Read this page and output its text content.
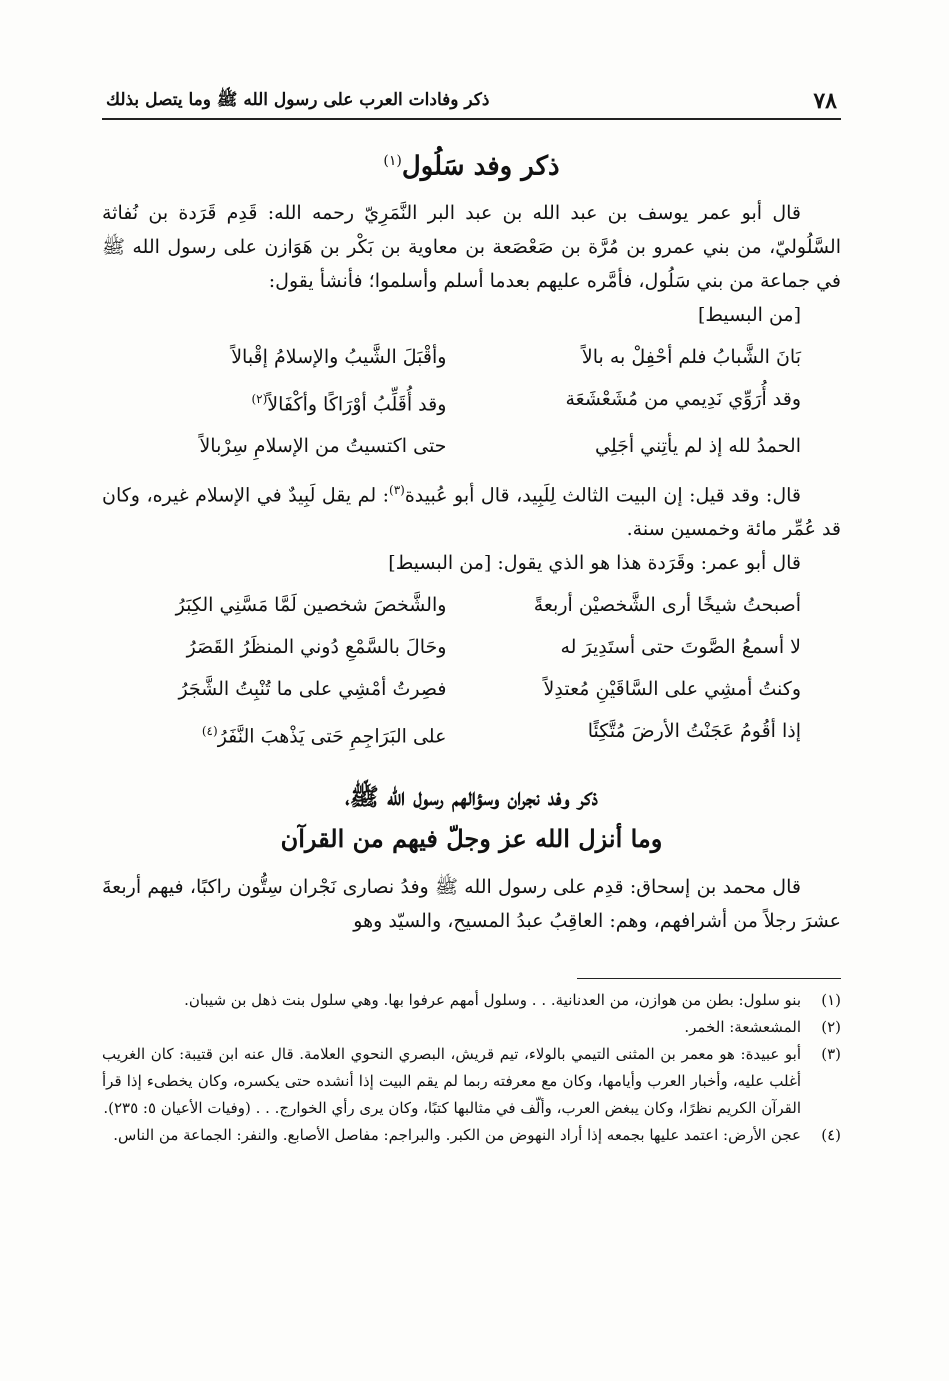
٧٨
ذكر وفادات العرب على رسول الله ﷺ وما يتصل بذلك
ذكر وفد سَلُول$^{(١)}$

قال أبو عمر يوسف بن عبد الله بن عبد البر النَّمَرِيّ رحمه الله: قَدِم قَرَدة بن نُفاثة السَّلُوليّ، من بني عمرو بن مُرَّة بن صَعْصَعة بن معاوية بن بَكْر بن هَوَازن على رسول الله ﷺ في جماعة من بني سَلُول، فأمَّره عليهم بعدما أسلم وأسلموا؛ فأنشأ يقول:

[من البسيط]

بَانَ الشَّبابُ فلم أحْفِلْ به بالاً
وأقْبَلَ الشَّيبُ والإسلامُ إقْبالاً
وقد أُرَوِّي نَدِيمي من مُشَعْشَعَة
وقد أُقَلِّبُ أوْرَاكًا وأكْفَالاً$^{(٢)}$
الحمدُ لله إذ لم يأتِني أجَلِي
حتى اكتسيتُ من الإسلامِ سِرْبالاً

قال: وقد قيل: إن البيت الثالث لِلَبِيد، قال أبو عُبيدة$^{(٣)}$: لم يقل لَبِيدٌ في الإسلام غيره، وكان قد عُمِّر مائة وخمسين سنة.

قال أبو عمر: وقَرَدة هذا هو الذي يقول: [من البسيط]

أصبحتُ شيخًا أرى الشَّخصيْن أربعةً
والشَّخصَ شخصين لَمَّا مَسَّنِي الكِبَرُ
لا أسمعُ الصَّوتَ حتى أستَدِيرَ له
وحَالَ بالسَّمْعِ دُوني المنظَرُ القَصَرُ
وكنتُ أمشِي على السَّاقَيْنِ مُعتدِلاً
فصِرتُ أمْشِي على ما تُنْبِتُ الشَّجَرُ
إذا أقُومُ عَجَنْتُ الأرضَ مُتَّكِئًا
على البَرَاجِمِ حَتى يَذْهبَ النَّفَرُ$^{(٤)}$
ذكر وفد نجران وسؤالهم رسول الله ﷺ،
وما أنزل الله عز وجلّ فيهم من القرآن

قال محمد بن إسحاق: قدِم على رسول الله ﷺ وفدُ نصارى نَجْران سِتُّون راكبًا، فيهم أربعةَ عشرَ رجلاً من أشرافهم، وهم: العاقِبُ عبدُ المسيح، والسيّد وهو

(١)
بنو سلول: بطن من هوازن، من العدنانية. . . وسلول أمهم عرفوا بها. وهي سلول بنت ذهل بن شيبان.
(٢)
المشعشعة: الخمر.
(٣)
أبو عبيدة: هو معمر بن المثنى التيمي بالولاء، تيم قريش، البصري النحوي العلامة. قال عنه ابن قتيبة: كان الغريب أغلب عليه، وأخبار العرب وأيامها، وكان مع معرفته ربما لم يقم البيت إذا أنشده حتى يكسره، وكان يخطىء إذا قرأ القرآن الكريم نظرًا، وكان يبغض العرب، وألّف في مثالبها كتبًا، وكان يرى رأي الخوارج. . . (وفيات الأعيان ٥: ٢٣٥).
(٤)
عجن الأرض: اعتمد عليها بجمعه إذا أراد النهوض من الكبر. والبراجم: مفاصل الأصابع. والنفر: الجماعة من الناس.
